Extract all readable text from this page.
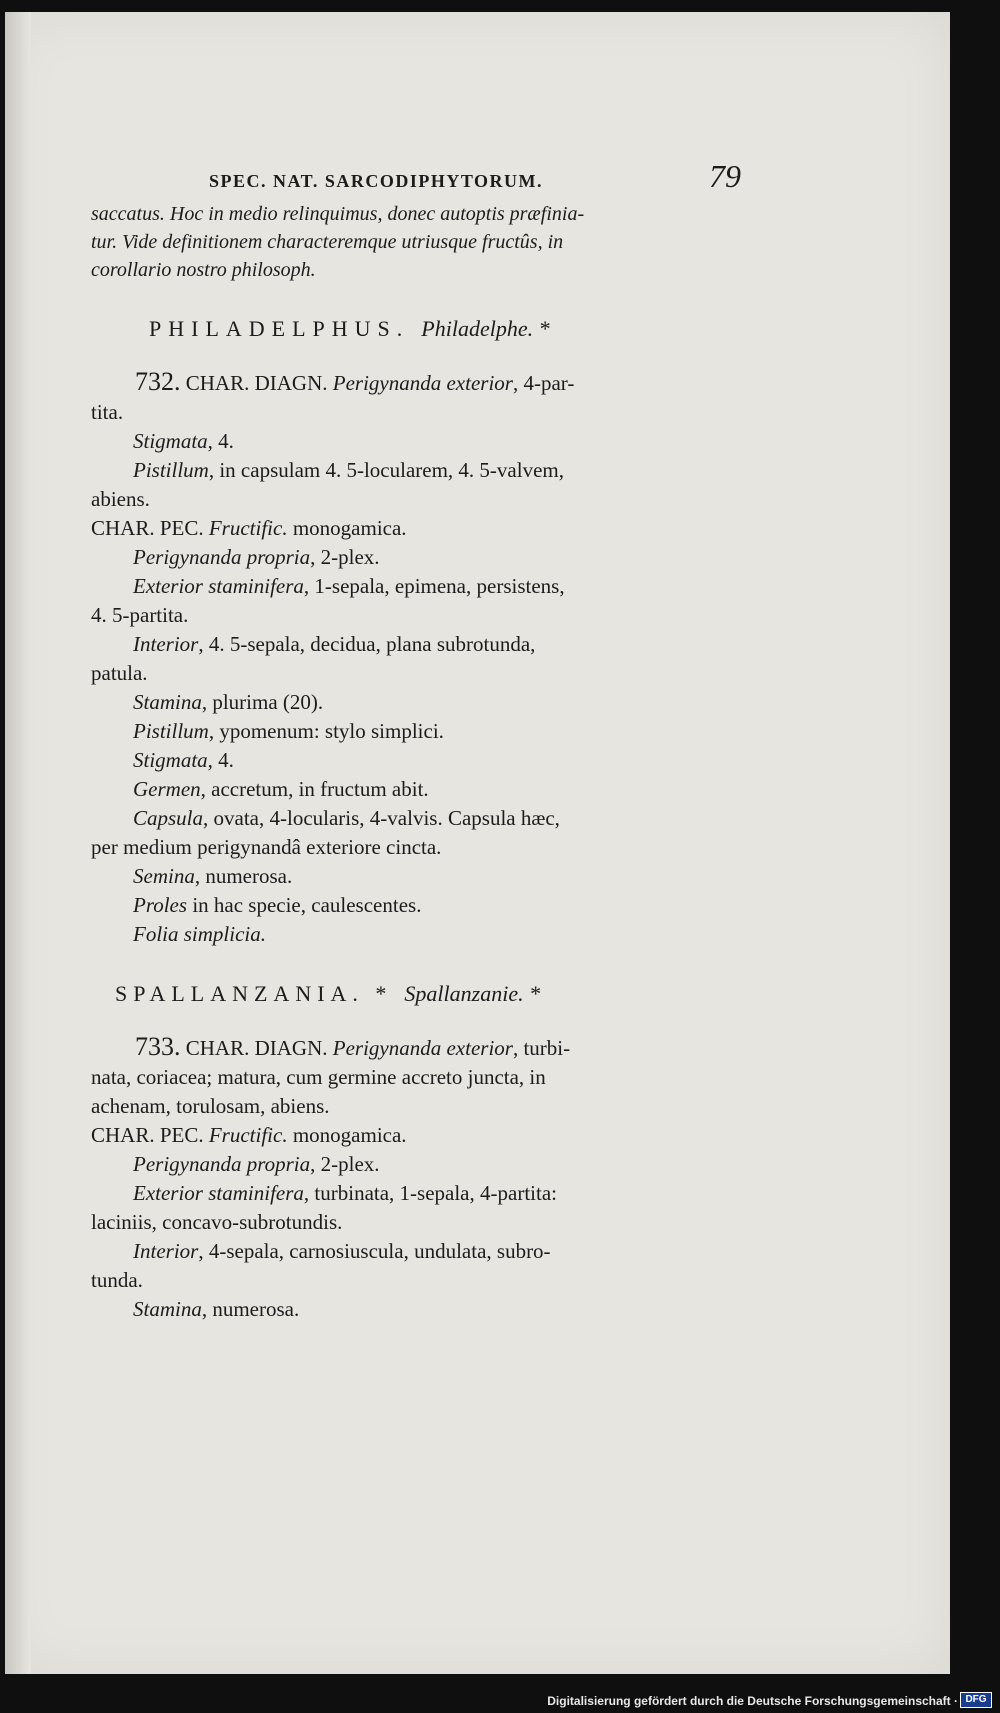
SPEC. NAT. SARCODIPHYTORUM.	79
saccatus. Hoc in medio relinquimus, donec autoptis præfinia-
tur. Vide definitionem characteremque utriusque fructûs, in
corollario nostro philosoph.
PHILADELPHUS. Philadelphe. *
732. CHAR. DIAGN. Perigynanda exterior, 4-par-
tita.
Stigmata, 4.
Pistillum, in capsulam 4. 5-locularem, 4. 5-valvem,
abiens.
CHAR. PEC. Fructific. monogamica.
Perigynanda propria, 2-plex.
Exterior staminifera, 1-sepala, epimena, persistens,
4. 5-partita.
Interior, 4. 5-sepala, decidua, plana subrotunda,
patula.
Stamina, plurima (20).
Pistillum, ypomenum: stylo simplici.
Stigmata, 4.
Germen, accretum, in fructum abit.
Capsula, ovata, 4-locularis, 4-valvis. Capsula hæc,
per medium perigynandâ exteriore cincta.
Semina, numerosa.
Proles in hac specie, caulescentes.
Folia simplicia.
SPALLANZANIA. * Spallanzanie. *
733. CHAR. DIAGN. Perigynanda exterior, turbi-
nata, coriacea; matura, cum germine accreto juncta, in
achenam, torulosam, abiens.
CHAR. PEC. Fructific. monogamica.
Perigynanda propria, 2-plex.
Exterior staminifera, turbinata, 1-sepala, 4-partita:
laciniis, concavo-subrotundis.
Interior, 4-sepala, carnosiuscula, undulata, subro-
tunda.
Stamina, numerosa.
Digitalisierung gefördert durch die Deutsche Forschungsgemeinschaft · DFG
